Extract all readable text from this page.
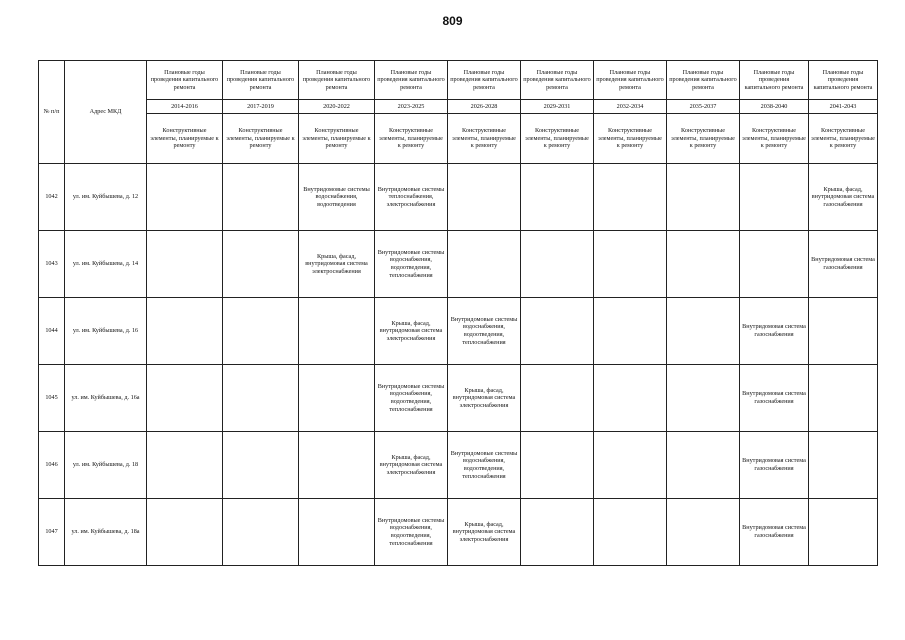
809
№ п/п	Адрес МКД	Плановые годы проведения капитального ремонта	Плановые годы проведения капитального ремонта	Плановые годы проведения капитального ремонта	Плановые годы проведения капитального ремонта	Плановые годы проведения капитального ремонта	Плановые годы проведения капитального ремонта	Плановые годы проведения капитального ремонта	Плановые годы проведения капитального ремонта	Плановые годы проведения капитального ремонта	Плановые годы проведения капитального ремонта
		2014-2016	2017-2019	2020-2022	2023-2025	2026-2028	2029-2031	2032-2034	2035-2037	2038-2040	2041-2043
		Конструктивные элементы, планируемые к ремонту	Конструктивные элементы, планируемые к ремонту	Конструктивные элементы, планируемые к ремонту	Конструктивные элементы, планируемые к ремонту	Конструктивные элементы, планируемые к ремонту	Конструктивные элементы, планируемые к ремонту	Конструктивные элементы, планируемые к ремонту	Конструктивные элементы, планируемые к ремонту	Конструктивные элементы, планируемые к ремонту	Конструктивные элементы, планируемые к ремонту
1042	ул. им. Куйбышева, д. 12			Внутридомовые системы водоснабжения, водоотведения	Внутридомовые системы теплоснабжения, электроснабжения						Крыша, фасад, внутридомовая система газоснабжения
1043	ул. им. Куйбышева, д. 14			Крыша, фасад, внутридомовая система электроснабжения	Внутридомовые системы водоснабжения, водоотведения, теплоснабжения						Внутридомовая система газоснабжения
1044	ул. им. Куйбышева, д. 16				Крыша, фасад, внутридомовая система электроснабжения	Внутридомовые системы водоснабжения, водоотведения, теплоснабжения				Внутридомовая система газоснабжения	
1045	ул. им. Куйбышева, д. 16а				Внутридомовые системы водоснабжения, водоотведения, теплоснабжения	Крыша, фасад, внутридомовая система электроснабжения				Внутридомовая система газоснабжения	
1046	ул. им. Куйбышева, д. 18				Крыша, фасад, внутридомовая система электроснабжения	Внутридомовые системы водоснабжения, водоотведения, теплоснабжения				Внутридомовая система газоснабжения	
1047	ул. им. Куйбышева, д. 18а				Внутридомовые системы водоснабжения, водоотведения, теплоснабжения	Крыша, фасад, внутридомовая система электроснабжения				Внутридомовая система газоснабжения	
